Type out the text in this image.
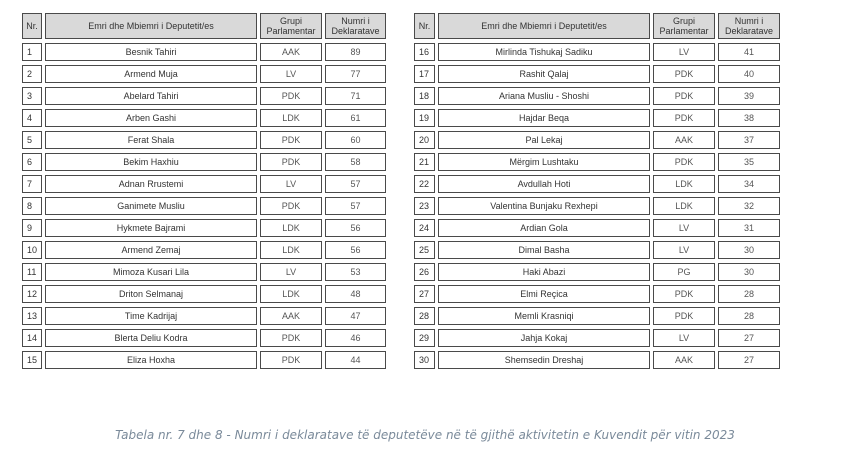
Nr.	Emri dhe Mbiemri i Deputetit/es	Grupi Parlamentar	Numri i Deklaratave
1	Besnik Tahiri	AAK	89
2	Armend Muja	LV	77
3	Abelard Tahiri	PDK	71
4	Arben Gashi	LDK	61
5	Ferat Shala	PDK	60
6	Bekim Haxhiu	PDK	58
7	Adnan Rrustemi	LV	57
8	Ganimete Musliu	PDK	57
9	Hykmete Bajrami	LDK	56
10	Armend Zemaj	LDK	56
11	Mimoza Kusari Lila	LV	53
12	Driton Selmanaj	LDK	48
13	Time Kadrijaj	AAK	47
14	Blerta Deliu Kodra	PDK	46
15	Eliza Hoxha	PDK	44
Nr.	Emri dhe Mbiemri i Deputetit/es	Grupi Parlamentar	Numri i Deklaratave
16	Mirlinda Tishukaj Sadiku	LV	41
17	Rashit Qalaj	PDK	40
18	Ariana Musliu - Shoshi	PDK	39
19	Hajdar Beqa	PDK	38
20	Pal Lekaj	AAK	37
21	Mërgim Lushtaku	PDK	35
22	Avdullah Hoti	LDK	34
23	Valentina Bunjaku Rexhepi	LDK	32
24	Ardian Gola	LV	31
25	Dimal Basha	LV	30
26	Haki Abazi	PG	30
27	Elmi Reçica	PDK	28
28	Memli Krasniqi	PDK	28
29	Jahja Kokaj	LV	27
30	Shemsedin Dreshaj	AAK	27
Tabela nr. 7 dhe 8 - Numri i deklaratave të deputetëve në të gjithë aktivitetin e Kuvendit për vitin 2023
